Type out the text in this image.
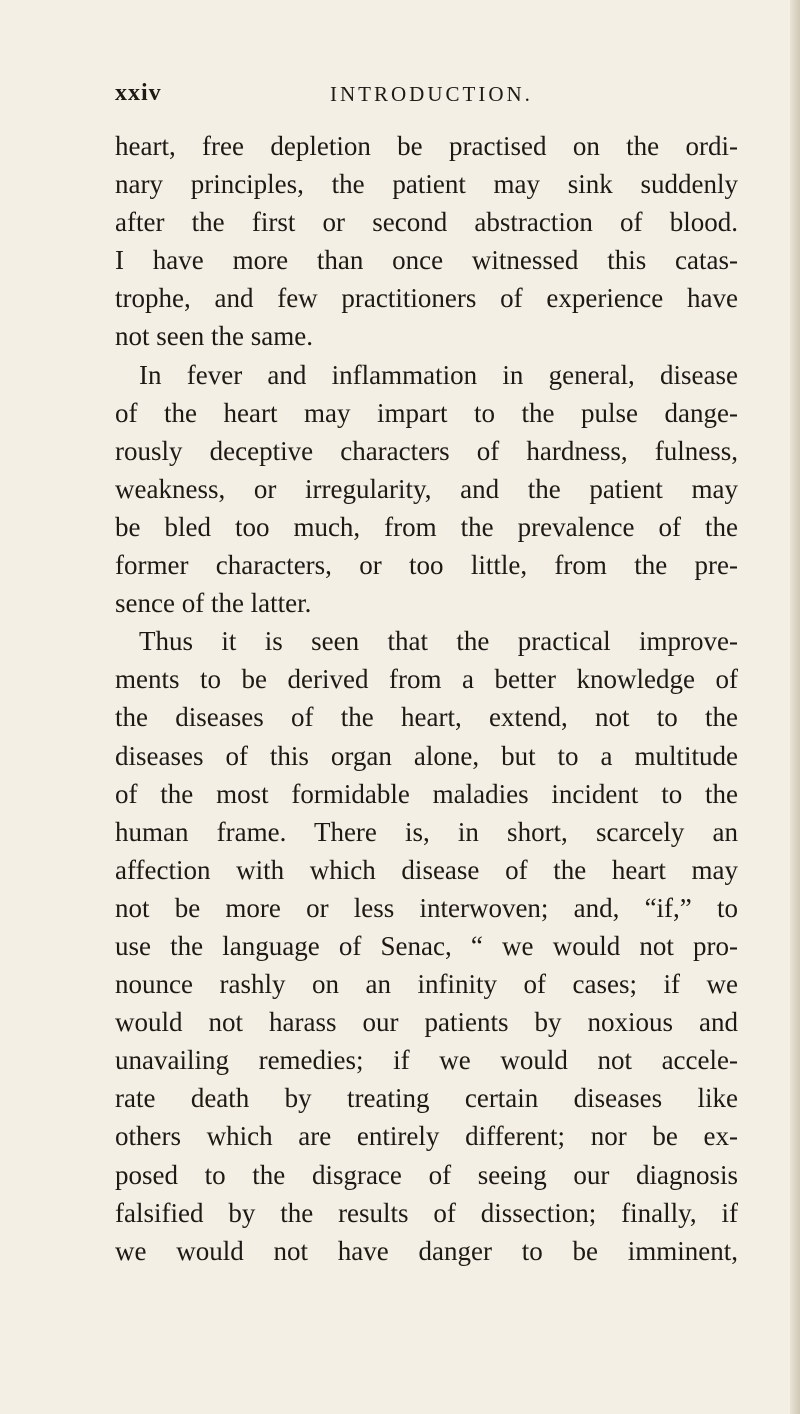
xxiv	INTRODUCTION.
heart, free depletion be practised on the ordi-
nary principles, the patient may sink suddenly
after the first or second abstraction of blood.
I have more than once witnessed this catas-
trophe, and few practitioners of experience have
not seen the same.
In fever and inflammation in general, disease
of the heart may impart to the pulse dange-
rously deceptive characters of hardness, fulness,
weakness, or irregularity, and the patient may
be bled too much, from the prevalence of the
former characters, or too little, from the pre-
sence of the latter.
Thus it is seen that the practical improve-
ments to be derived from a better knowledge of
the diseases of the heart, extend, not to the
diseases of this organ alone, but to a multitude
of the most formidable maladies incident to the
human frame. There is, in short, scarcely an
affection with which disease of the heart may
not be more or less interwoven; and, “if,” to
use the language of Senac, “ we would not pro-
nounce rashly on an infinity of cases; if we
would not harass our patients by noxious and
unavailing remedies; if we would not accele-
rate death by treating certain diseases like
others which are entirely different; nor be ex-
posed to the disgrace of seeing our diagnosis
falsified by the results of dissection; finally, if
we would not have danger to be imminent,
